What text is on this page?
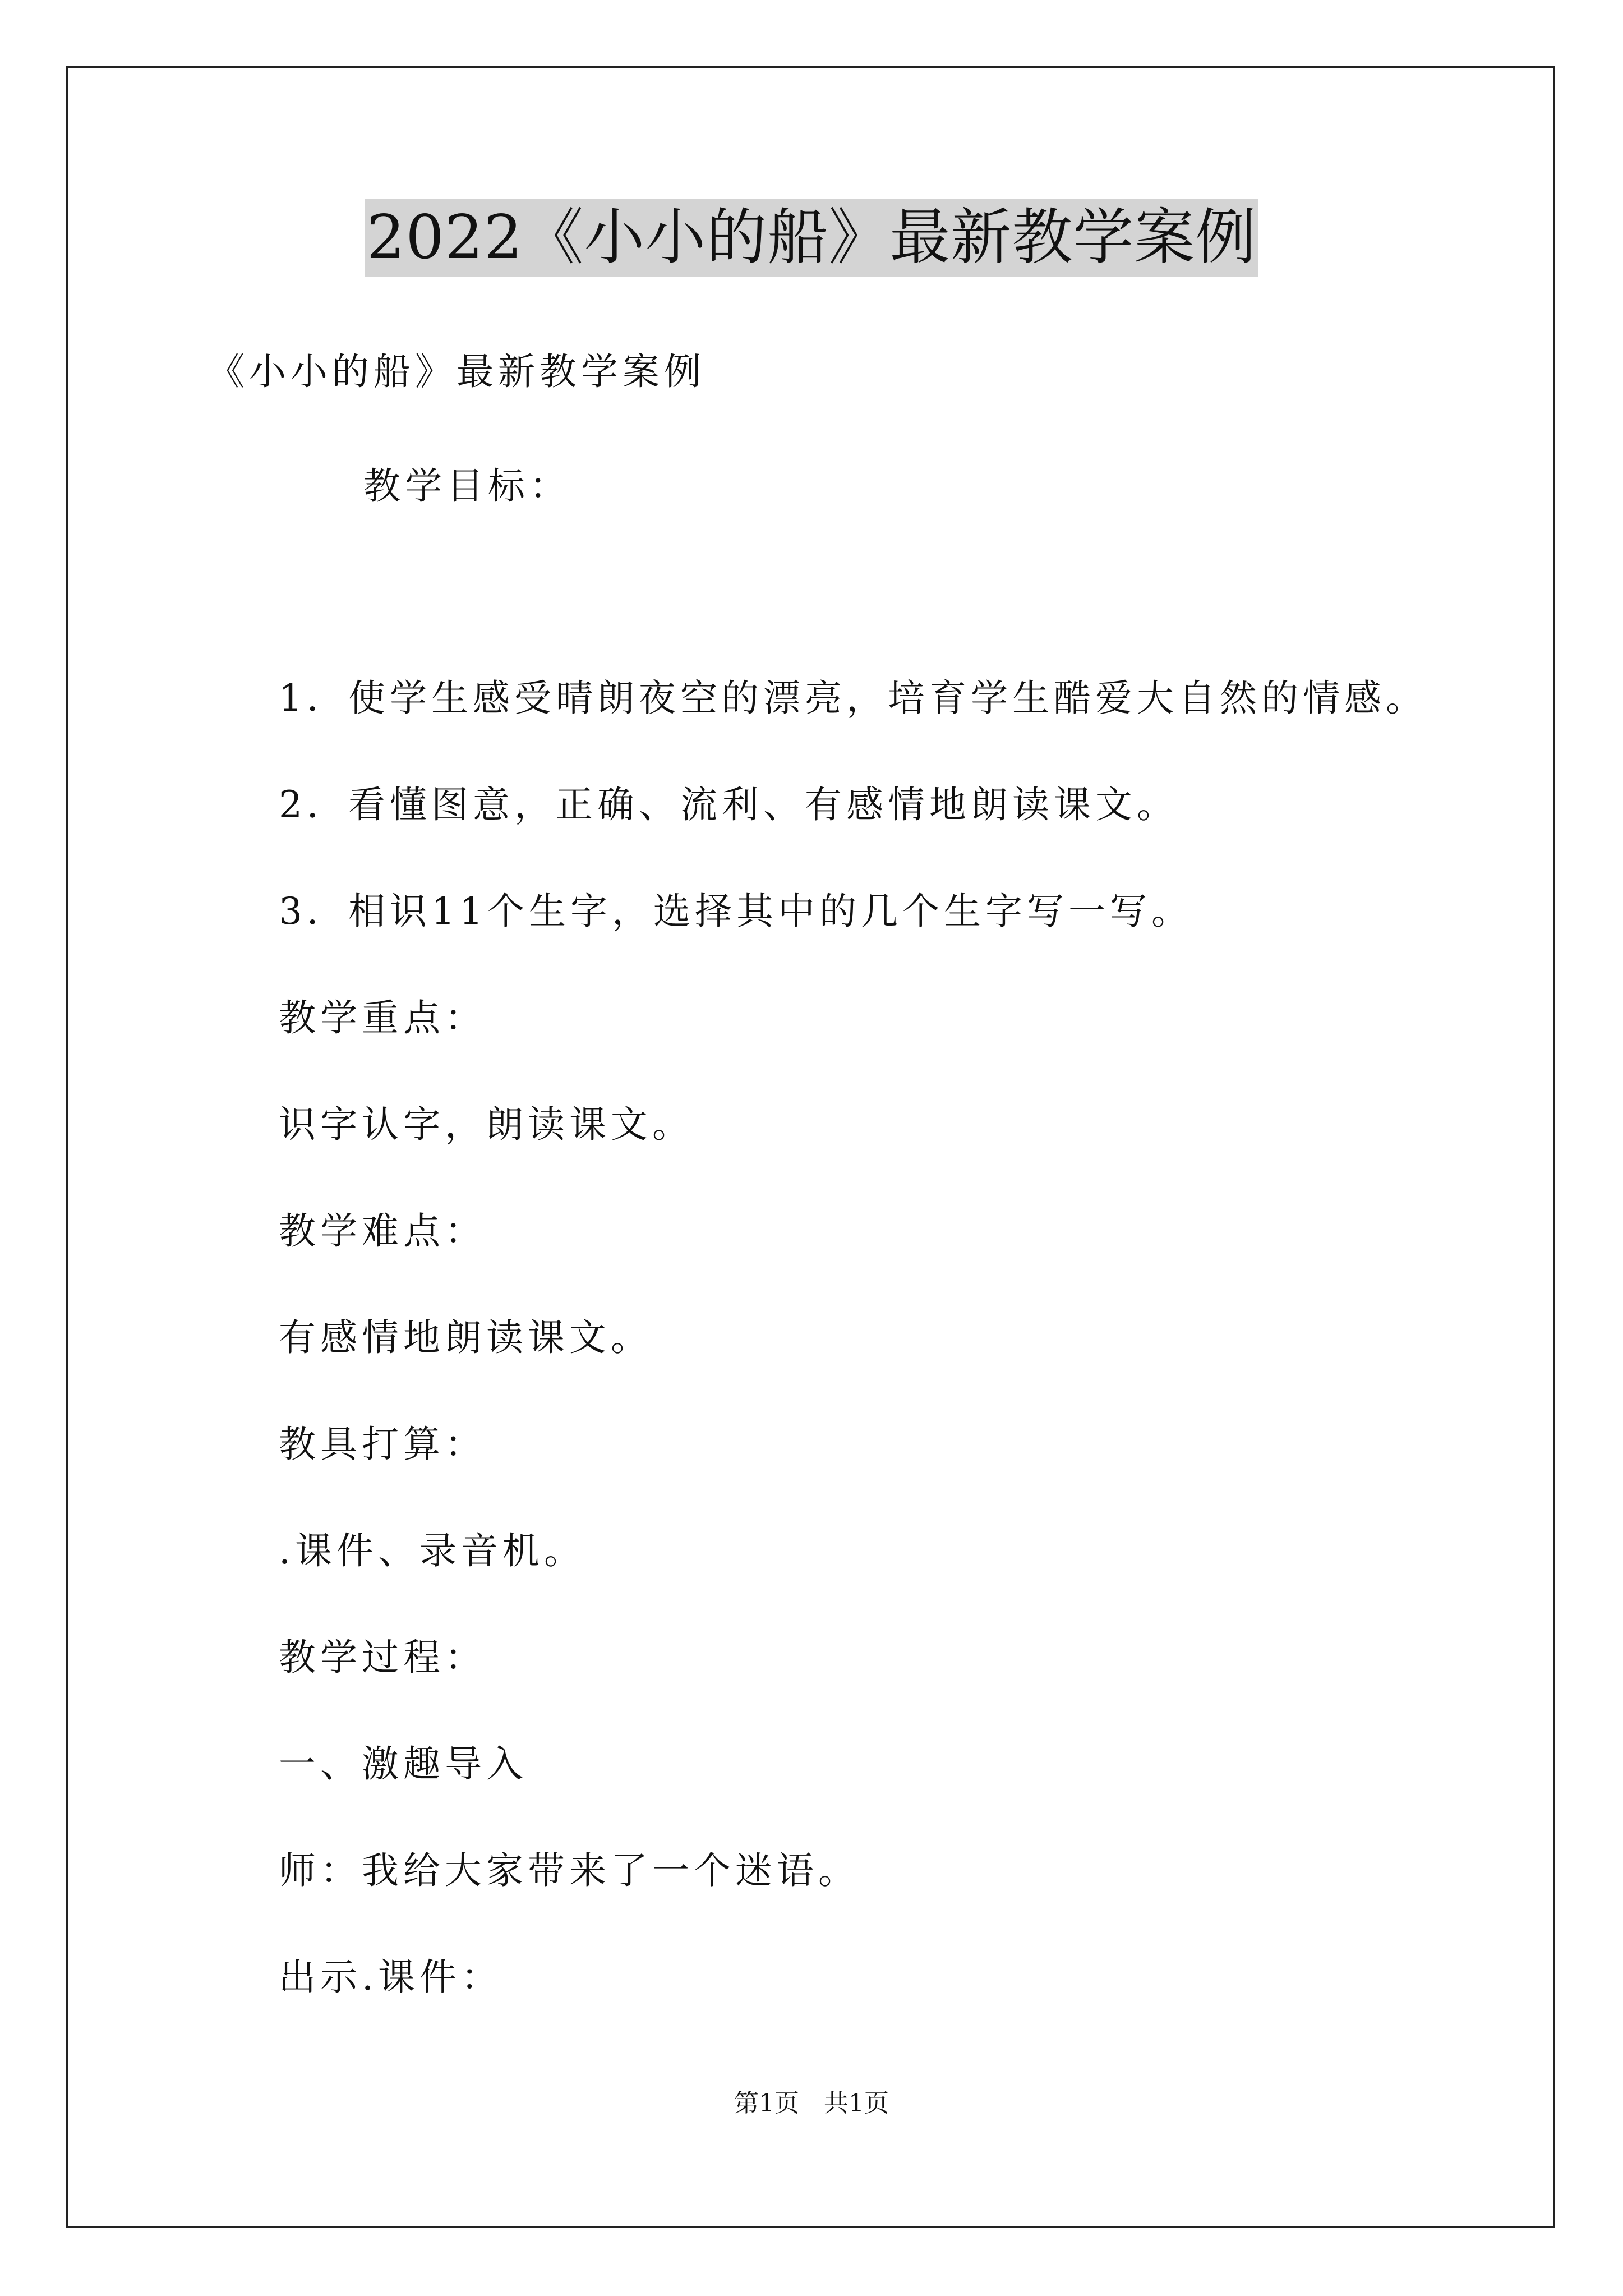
2022《小小的船》最新教学案例
《小小的船》最新教学案例
教学目标：
1．使学生感受晴朗夜空的漂亮，培育学生酷爱大自然的情感。
2．看懂图意，正确、流利、有感情地朗读课文。
3．相识11个生字，选择其中的几个生字写一写。
教学重点：
识字认字，朗读课文。
教学难点：
有感情地朗读课文。
教具打算：
.课件、录音机。
教学过程：
一、激趣导入
师：我给大家带来了一个迷语。
出示.课件：
第1页　共1页
